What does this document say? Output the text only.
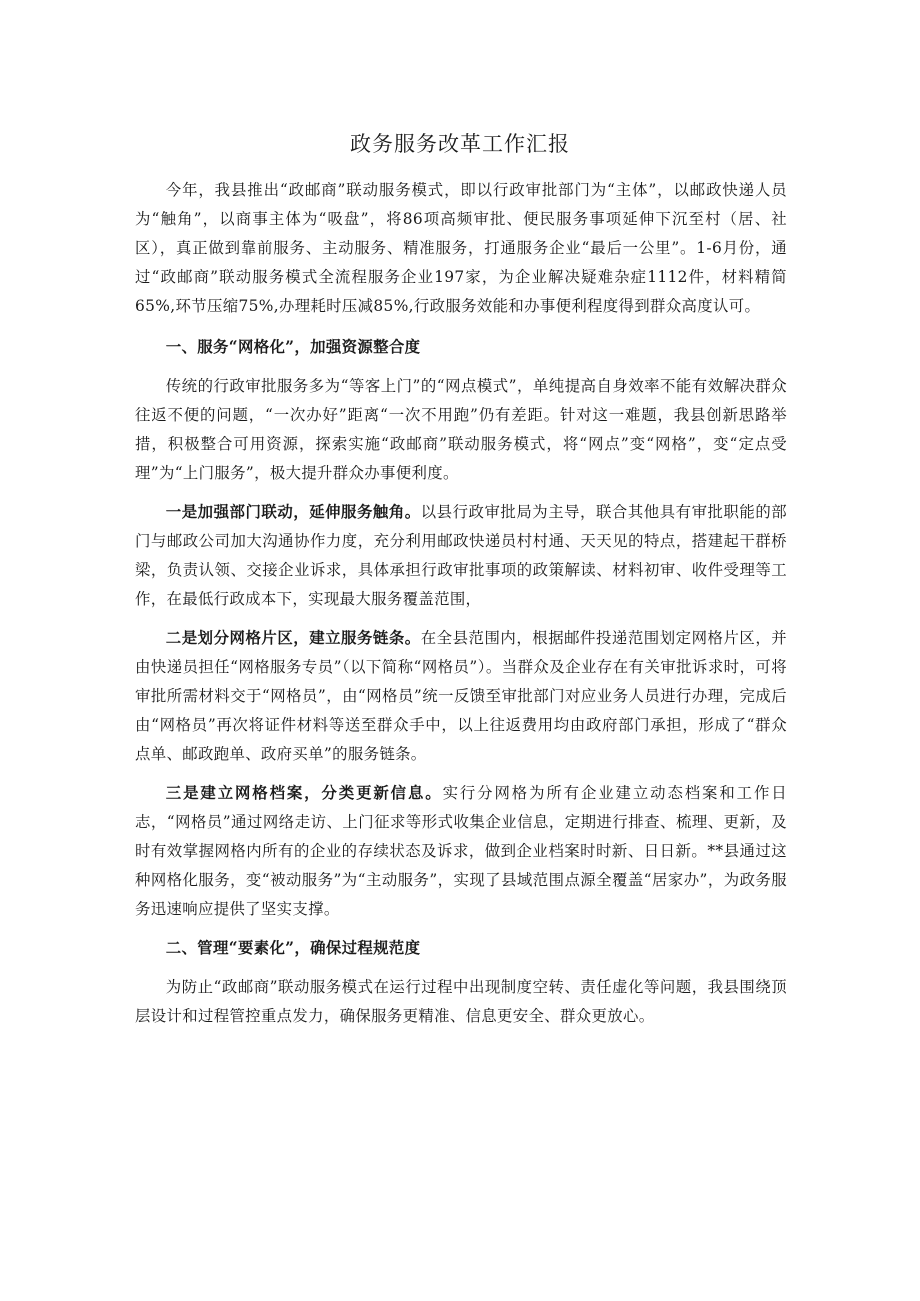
政务服务改革工作汇报

今年，我县推出“政邮商”联动服务模式，即以行政审批部门为“主体”，以邮政快递人员为“触角”，以商事主体为“吸盘”，将86项高频审批、便民服务事项延伸下沉至村（居、社区），真正做到靠前服务、主动服务、精准服务，打通服务企业“最后一公里”。1-6月份，通过“政邮商”联动服务模式全流程服务企业197家，为企业解决疑难杂症1112件，材料精简65%,环节压缩75%,办理耗时压减85%,行政服务效能和办事便利程度得到群众高度认可。

一、服务“网格化”，加强资源整合度

传统的行政审批服务多为“等客上门”的“网点模式”，单纯提高自身效率不能有效解决群众往返不便的问题，“一次办好”距离“一次不用跑”仍有差距。针对这一难题，我县创新思路举措，积极整合可用资源，探索实施“政邮商”联动服务模式，将“网点”变“网格”，变“定点受理”为“上门服务”，极大提升群众办事便利度。

一是加强部门联动，延伸服务触角。以县行政审批局为主导，联合其他具有审批职能的部门与邮政公司加大沟通协作力度，充分利用邮政快递员村村通、天天见的特点，搭建起干群桥梁，负责认领、交接企业诉求，具体承担行政审批事项的政策解读、材料初审、收件受理等工作，在最低行政成本下，实现最大服务覆盖范围，

二是划分网格片区，建立服务链条。在全县范围内，根据邮件投递范围划定网格片区，并由快递员担任“网格服务专员”（以下简称“网格员”）。当群众及企业存在有关审批诉求时，可将审批所需材料交于“网格员”，由“网格员”统一反馈至审批部门对应业务人员进行办理，完成后由“网格员”再次将证件材料等送至群众手中，以上往返费用均由政府部门承担，形成了“群众点单、邮政跑单、政府买单”的服务链条。

三是建立网格档案，分类更新信息。实行分网格为所有企业建立动态档案和工作日志，“网格员”通过网络走访、上门征求等形式收集企业信息，定期进行排查、梳理、更新，及时有效掌握网格内所有的企业的存续状态及诉求，做到企业档案时时新、日日新。**县通过这种网格化服务，变“被动服务”为“主动服务”，实现了县域范围点源全覆盖“居家办”，为政务服务迅速响应提供了坚实支撑。

二、管理“要素化”，确保过程规范度

为防止“政邮商”联动服务模式在运行过程中出现制度空转、责任虚化等问题，我县围绕顶层设计和过程管控重点发力，确保服务更精准、信息更安全、群众更放心。
